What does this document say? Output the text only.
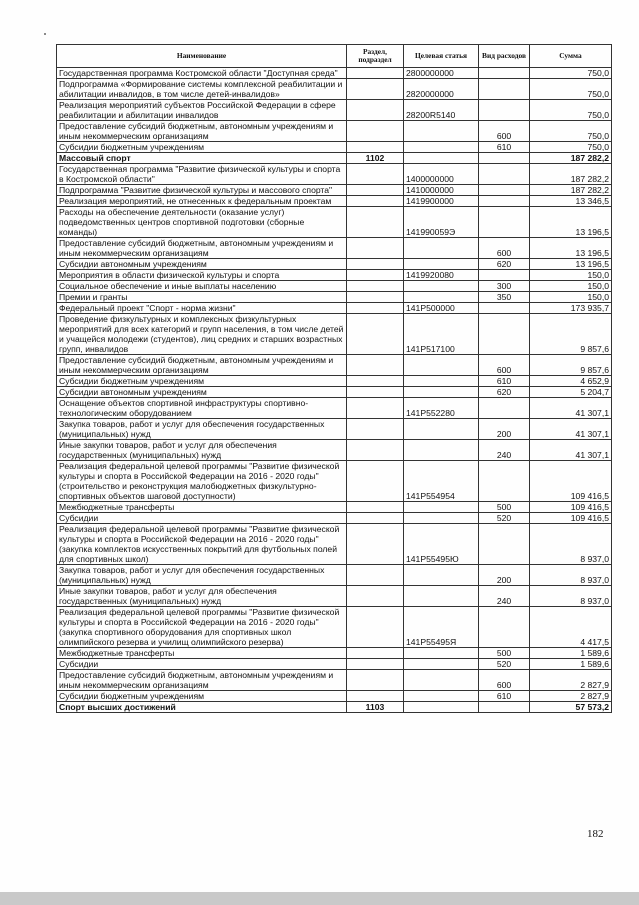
Наименование	Раздел, подраздел	Целевая статья	Вид расходов	Сумма
Государственная программа Костромской области "Доступная среда"		2800000000		750,0
Подпрограмма «Формирование системы комплексной реабилитации и абилитации инвалидов, в том числе детей-инвалидов»		2820000000		750,0
Реализация мероприятий субъектов Российской Федерации в сфере реабилитации и абилитации инвалидов		28200R5140		750,0
Предоставление субсидий бюджетным, автономным учреждениям и иным некоммерческим организациям			600	750,0
Субсидии бюджетным учреждениям			610	750,0
Массовый спорт	1102			187 282,2
Государственная программа "Развитие физической культуры и спорта в Костромской области"		1400000000		187 282,2
Подпрограмма "Развитие физической культуры и массового спорта"		1410000000		187 282,2
Реализация мероприятий, не отнесенных к федеральным проектам		1419900000		13 346,5
Расходы на обеспечение деятельности (оказание услуг) подведомственных центров спортивной подготовки (сборные команды)		141990059Э		13 196,5
Предоставление субсидий бюджетным, автономным учреждениям и иным некоммерческим организациям			600	13 196,5
Субсидии автономным учреждениям			620	13 196,5
Мероприятия в области физической культуры и спорта		1419920080		150,0
Социальное обеспечение и иные выплаты населению			300	150,0
Премии и гранты			350	150,0
Федеральный проект "Спорт - норма жизни"		141Р500000		173 935,7
Проведение физкультурных и комплексных физкультурных мероприятий для всех категорий и групп населения, в том числе детей и учащейся молодежи (студентов), лиц средних и старших возрастных групп, инвалидов		141Р517100		9 857,6
Предоставление субсидий бюджетным, автономным учреждениям и иным некоммерческим организациям			600	9 857,6
Субсидии бюджетным учреждениям			610	4 652,9
Субсидии автономным учреждениям			620	5 204,7
Оснащение объектов спортивной инфраструктуры спортивно-технологическим оборудованием		141Р552280		41 307,1
Закупка товаров, работ и услуг для обеспечения государственных (муниципальных) нужд			200	41 307,1
Иные закупки товаров, работ и услуг для обеспечения государственных (муниципальных) нужд			240	41 307,1
Реализация федеральной целевой программы "Развитие физической культуры и спорта в Российской Федерации на 2016 - 2020 годы" (строительство и реконструкция малобюджетных физкультурно-спортивных объектов шаговой доступности)		141Р554954		109 416,5
Межбюджетные трансферты			500	109 416,5
Субсидии			520	109 416,5
Реализация федеральной целевой программы "Развитие физической культуры и спорта в Российской Федерации на 2016 - 2020 годы" (закупка комплектов искусственных покрытий для футбольных полей для спортивных школ)		141Р55495Ю		8 937,0
Закупка товаров, работ и услуг для обеспечения государственных (муниципальных) нужд			200	8 937,0
Иные закупки товаров, работ и услуг для обеспечения государственных (муниципальных) нужд			240	8 937,0
Реализация федеральной целевой программы "Развитие физической культуры и спорта в Российской Федерации на 2016 - 2020 годы" (закупка спортивного оборудования для спортивных школ олимпийского резерва и училищ олимпийского резерва)		141Р55495Я		4 417,5
Межбюджетные трансферты			500	1 589,6
Субсидии			520	1 589,6
Предоставление субсидий бюджетным, автономным учреждениям и иным некоммерческим организациям			600	2 827,9
Субсидии бюджетным учреждениям			610	2 827,9
Спорт высших достижений	1103			57 573,2
182
